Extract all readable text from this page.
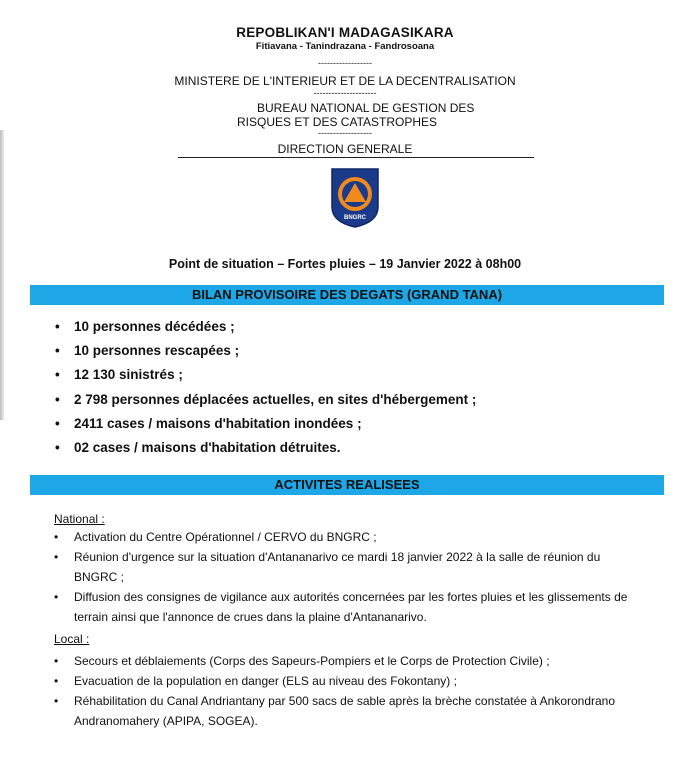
REPOBLIKAN'I MADAGASIKARA
Fitiavana - Tanindrazana - Fandrosoana
------------------
MINISTERE DE L'INTERIEUR ET DE LA DECENTRALISATION
---------------------
BUREAU NATIONAL DE GESTION DES
RISQUES ET DES CATASTROPHES
------------------
DIRECTION GENERALE
BNGRC
Point de situation – Fortes pluies – 19 Janvier 2022 à 08h00
BILAN PROVISOIRE DES DEGATS (GRAND TANA)
• 10 personnes décédées ;
• 10 personnes rescapées ;
• 12 130 sinistrés ;
• 2 798 personnes déplacées actuelles, en sites d'hébergement ;
• 2411 cases / maisons d'habitation inondées ;
• 02 cases / maisons d'habitation détruites.
ACTIVITES REALISEES
National :
• Activation du Centre Opérationnel / CERVO du BNGRC ;
• Réunion d'urgence sur la situation d'Antananarivo ce mardi 18 janvier 2022 à la salle de réunion du
BNGRC ;
• Diffusion des consignes de vigilance aux autorités concernées par les fortes pluies et les glissements de
terrain ainsi que l'annonce de crues dans la plaine d'Antananarivo.
Local :
• Secours et déblaiements (Corps des Sapeurs-Pompiers et le Corps de Protection Civile) ;
• Evacuation de la population en danger (ELS au niveau des Fokontany) ;
• Réhabilitation du Canal Andriantany par 500 sacs de sable après la brèche constatée à Ankorondrano
Andranomahery (APIPA, SOGEA).
